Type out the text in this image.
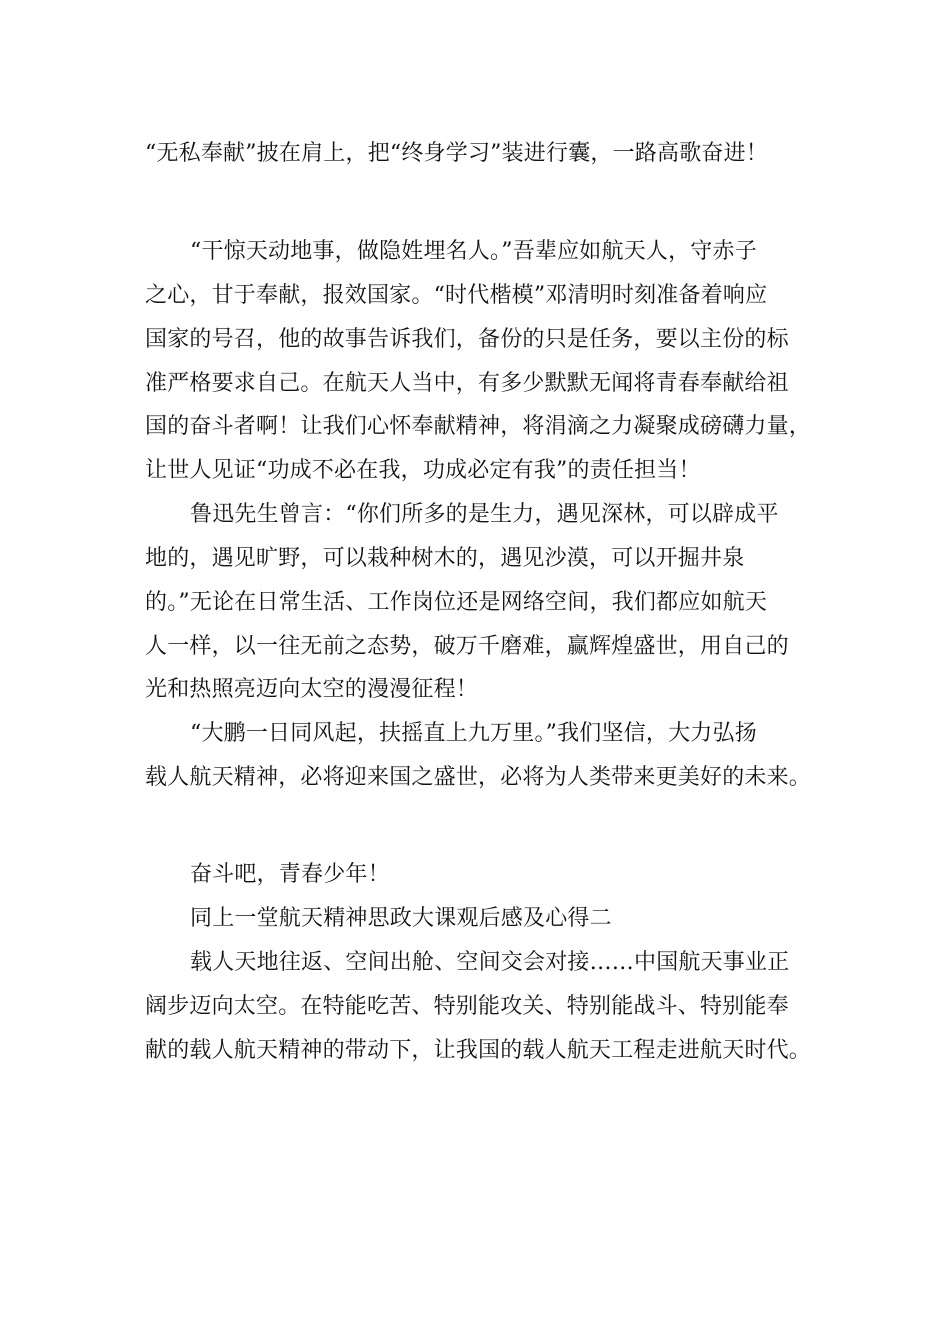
“无私奉献”披在肩上，把“终身学习”装进行囊，一路高歌奋进！
“干惊天动地事，做隐姓埋名人。”吾辈应如航天人，守赤子
之心，甘于奉献，报效国家。“时代楷模”邓清明时刻准备着响应
国家的号召，他的故事告诉我们，备份的只是任务，要以主份的标
准严格要求自己。在航天人当中，有多少默默无闻将青春奉献给祖
国的奋斗者啊！让我们心怀奉献精神，将涓滴之力凝聚成磅礴力量，
让世人见证“功成不必在我，功成必定有我”的责任担当！
鲁迅先生曾言：“你们所多的是生力，遇见深林，可以辟成平
地的，遇见旷野，可以栽种树木的，遇见沙漠，可以开掘井泉
的。”无论在日常生活、工作岗位还是网络空间，我们都应如航天
人一样，以一往无前之态势，破万千磨难，赢辉煌盛世，用自己的
光和热照亮迈向太空的漫漫征程！
“大鹏一日同风起，扶摇直上九万里。”我们坚信，大力弘扬
载人航天精神，必将迎来国之盛世，必将为人类带来更美好的未来。
奋斗吧，青春少年！
同上一堂航天精神思政大课观后感及心得二
载人天地往返、空间出舱、空间交会对接……中国航天事业正
阔步迈向太空。在特能吃苦、特别能攻关、特别能战斗、特别能奉
献的载人航天精神的带动下，让我国的载人航天工程走进航天时代。
